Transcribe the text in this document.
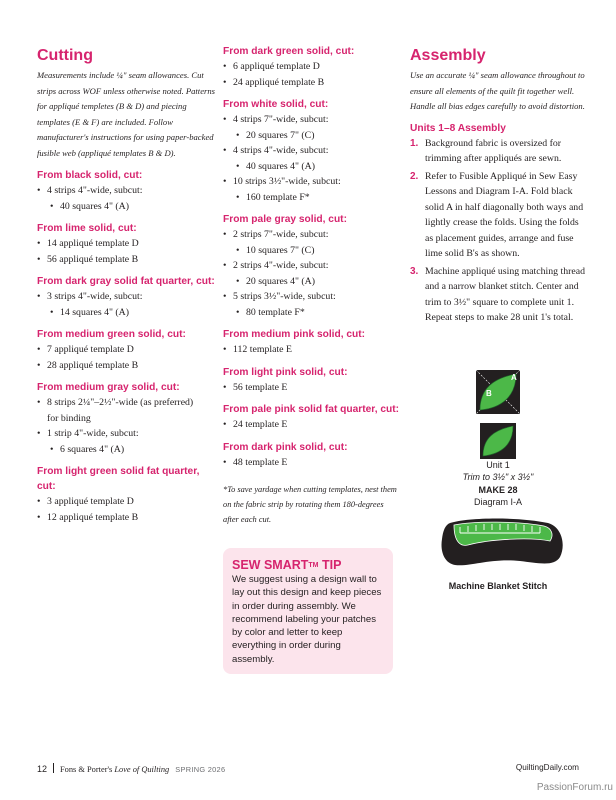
Cutting
Measurements include ¼" seam allowances. Cut strips across WOF unless otherwise noted. Patterns for appliqué templetes (B & D) and piecing templates (E & F) are included. Follow manufacturer's instructions for using paper-backed fusible web (appliqué templates B & D).
From black solid, cut:
• 4 strips 4"-wide, subcut:
• 40 squares 4" (A)
From lime solid, cut:
• 14 appliqué template D
• 56 appliqué template B
From dark gray solid fat quarter, cut:
• 3 strips 4"-wide, subcut:
• 14 squares 4" (A)
From medium green solid, cut:
• 7 appliqué template D
• 28 appliqué template B
From medium gray solid, cut:
• 8 strips 2¼"–2½"-wide (as preferred)
for binding
• 1 strip 4"-wide, subcut:
• 6 squares 4" (A)
From light green solid fat quarter, cut:
• 3 appliqué template D
• 12 appliqué template B
From dark green solid, cut:
• 6 appliqué template D
• 24 appliqué template B
From white solid, cut:
• 4 strips 7"-wide, subcut:
• 20 squares 7" (C)
• 4 strips 4"-wide, subcut:
• 40 squares 4" (A)
• 10 strips 3½"-wide, subcut:
• 160 template F*
From pale gray solid, cut:
• 2 strips 7"-wide, subcut:
• 10 squares 7" (C)
• 2 strips 4"-wide, subcut:
• 20 squares 4" (A)
• 5 strips 3½"-wide, subcut:
• 80 template F*
From medium pink solid, cut:
• 112 template E
From light pink solid, cut:
• 56 template E
From pale pink solid fat quarter, cut:
• 24 template E
From dark pink solid, cut:
• 48 template E
*To save yardage when cutting templates, nest them on the fabric strip by rotating them 180-degrees after each cut.
SEW SMART™ TIP
We suggest using a design wall to lay out this design and keep pieces in order during assembly. We recommend labeling your patches by color and letter to keep everything in order during assembly.
Assembly
Use an accurate ¼" seam allowance throughout to ensure all elements of the quilt fit together well. Handle all bias edges carefully to avoid distortion.
Units 1–8 Assembly
1. Background fabric is oversized for trimming after appliqués are sewn.
2. Refer to Fusible Appliqué in Sew Easy Lessons and Diagram I-A. Fold black solid A in half diagonally both ways and lightly crease the folds. Using the folds as placement guides, arrange and fuse lime solid B's as shown.
3. Machine appliqué using matching thread and a narrow blanket stitch. Center and trim to 3½" square to complete unit 1. Repeat steps to make 28 unit 1's total.
A
B
Unit 1
Trim to 3½" x 3½"
MAKE 28
Diagram I-A
Machine Blanket Stitch
12 Fons & Porter's Love of Quilting SPRING 2026	QuiltingDaily.com
PassionForum.ru
